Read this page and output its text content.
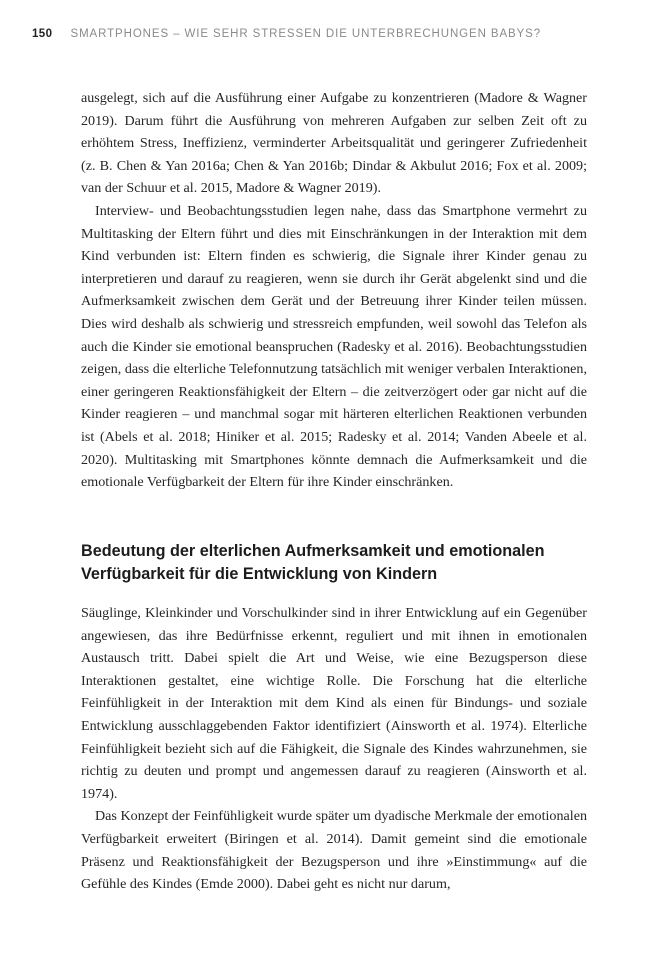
150 SMARTPHONES – WIE SEHR STRESSEN DIE UNTERBRECHUNGEN BABYS?

ausgelegt, sich auf die Ausführung einer Aufgabe zu konzentrieren (Madore & Wagner 2019). Darum führt die Ausführung von mehreren Aufgaben zur selben Zeit oft zu erhöhtem Stress, Ineffizienz, verminderter Arbeitsqualität und geringerer Zufriedenheit (z. B. Chen & Yan 2016a; Chen & Yan 2016b; Dindar & Akbulut 2016; Fox et al. 2009; van der Schuur et al. 2015, Madore & Wagner 2019).

Interview- und Beobachtungsstudien legen nahe, dass das Smartphone vermehrt zu Multitasking der Eltern führt und dies mit Einschränkungen in der Interaktion mit dem Kind verbunden ist: Eltern finden es schwierig, die Signale ihrer Kinder genau zu interpretieren und darauf zu reagieren, wenn sie durch ihr Gerät abgelenkt sind und die Aufmerksamkeit zwischen dem Gerät und der Betreuung ihrer Kinder teilen müssen. Dies wird deshalb als schwierig und stressreich empfunden, weil sowohl das Telefon als auch die Kinder sie emotional beanspruchen (Radesky et al. 2016). Beobachtungsstudien zeigen, dass die elterliche Telefonnutzung tatsächlich mit weniger verbalen Interaktionen, einer geringeren Reaktionsfähigkeit der Eltern – die zeitverzögert oder gar nicht auf die Kinder reagieren – und manchmal sogar mit härteren elterlichen Reaktionen verbunden ist (Abels et al. 2018; Hiniker et al. 2015; Radesky et al. 2014; Vanden Abeele et al. 2020). Multitasking mit Smartphones könnte demnach die Aufmerksamkeit und die emotionale Verfügbarkeit der Eltern für ihre Kinder einschränken.

Bedeutung der elterlichen Aufmerksamkeit und emotionalen Verfügbarkeit für die Entwicklung von Kindern

Säuglinge, Kleinkinder und Vorschulkinder sind in ihrer Entwicklung auf ein Gegenüber angewiesen, das ihre Bedürfnisse erkennt, reguliert und mit ihnen in emotionalen Austausch tritt. Dabei spielt die Art und Weise, wie eine Bezugsperson diese Interaktionen gestaltet, eine wichtige Rolle. Die Forschung hat die elterliche Feinfühligkeit in der Interaktion mit dem Kind als einen für Bindungs- und soziale Entwicklung ausschlaggebenden Faktor identifiziert (Ainsworth et al. 1974). Elterliche Feinfühligkeit bezieht sich auf die Fähigkeit, die Signale des Kindes wahrzunehmen, sie richtig zu deuten und prompt und angemessen darauf zu reagieren (Ainsworth et al. 1974).

Das Konzept der Feinfühligkeit wurde später um dyadische Merkmale der emotionalen Verfügbarkeit erweitert (Biringen et al. 2014). Damit gemeint sind die emotionale Präsenz und Reaktionsfähigkeit der Bezugsperson und ihre »Einstimmung« auf die Gefühle des Kindes (Emde 2000). Dabei geht es nicht nur darum,
